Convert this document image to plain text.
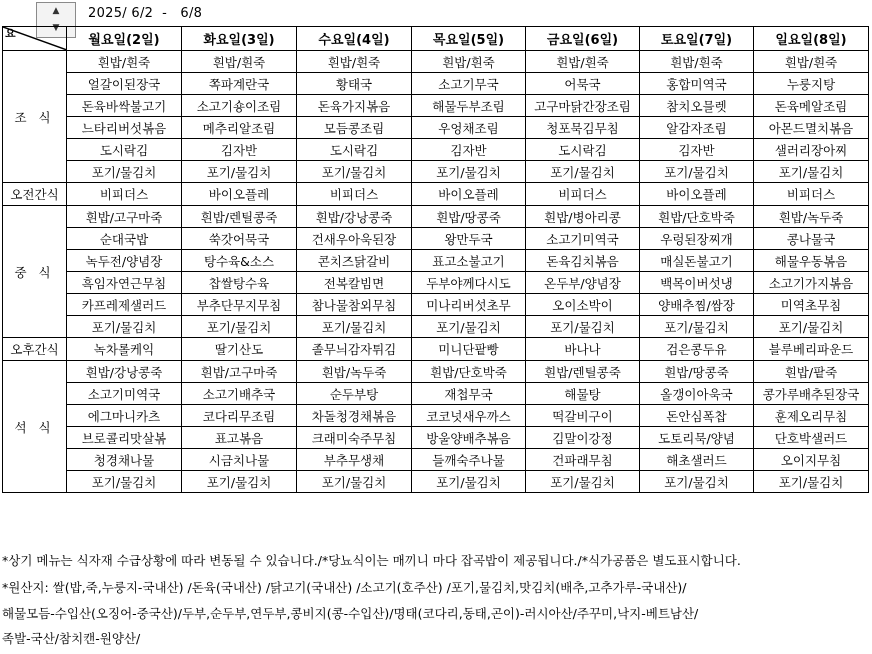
▲
▼
2025/ 6/2  -   6/8
요	월요일(2일)	화요일(3일)	수요일(4일)	목요일(5일)	금요일(6일)	토요일(7일)	일요일(8일)
조 식	흰밥/흰죽	흰밥/흰죽	흰밥/흰죽	흰밥/흰죽	흰밥/흰죽	흰밥/흰죽	흰밥/흰죽
	얼갈이된장국	쪽파계란국	황태국	소고기무국	어묵국	홍합미역국	누룽지탕
	돈육바싹불고기	소고기숑이조림	돈육가지볶음	해물두부조림	고구마닭간장조림	참치오믈렛	돈육메알조림
	느타리버섯볶음	메추리알조림	모듬콩조림	우엉채조림	청포묵김무침	알감자조림	아몬드멸치볶음
	도시락김	김자반	도시락김	김자반	도시락김	김자반	샐러리장아찌
	포기/물김치	포기/물김치	포기/물김치	포기/물김치	포기/물김치	포기/물김치	포기/물김치
오전간식	비피더스	바이오플레	비피더스	바이오플레	비피더스	바이오플레	비피더스
중 식	흰밥/고구마죽	흰밥/렌틸콩죽	흰밥/강낭콩죽	흰밥/땅콩죽	흰밥/병아리콩	흰밥/단호박죽	흰밥/녹두죽
	순대국밥	쑥갓어묵국	건새우아욱된장	왕만두국	소고기미역국	우렁된장찌개	콩나물국
	녹두전/양념장	탕수육&소스	콘치즈닭갈비	표고소불고기	돈육김치볶음	매실돈불고기	해물우동볶음
	흑임자연근무침	찹쌀탕수육	전복칼빔면	두부야께다시도	온두부/양념장	백목이버섯냉	소고기가지볶음
	카프레제샐러드	부추단무지무침	참나물참외무침	미나리버섯초무	오이소박이	양배추찜/쌈장	미역초무침
	포기/물김치	포기/물김치	포기/물김치	포기/물김치	포기/물김치	포기/물김치	포기/물김치
오후간식	녹차롤케익	딸기산도	졸무늬감자튀김	미니단팥빵	바나나	검은콩두유	블루베리파운드
석 식	흰밥/강낭콩죽	흰밥/고구마죽	흰밥/녹두죽	흰밥/단호박죽	흰밥/렌틸콩죽	흰밥/땅콩죽	흰밥/팥죽
	소고기미역국	소고기배추국	순두부탕	재첩무국	해물탕	올갱이아욱국	콩가루배추된장국
	에그마니카츠	코다리무조림	차돌청경채볶음	코코넛새우까스	떡갈비구이	돈안심폭찹	훈제오리무침
	브로콜리맛살볶	표고볶음	크래미숙주무침	방울양배추볶음	김말이강정	도토리묵/양념	단호박샐러드
	청경채나물	시금치나물	부추무생채	들깨숙주나물	건파래무침	해초샐러드	오이지무침
	포기/물김치	포기/물김치	포기/물김치	포기/물김치	포기/물김치	포기/물김치	포기/물김치
*상기 메뉴는 식자재 수급상황에 따라 변동될 수 있습니다./*당뇨식이는 매끼니 마다 잡곡밥이 제공됩니다./*식가공품은 별도표시합니다.
*원산지: 쌀(밥,죽,누룽지-국내산) /돈육(국내산) /닭고기(국내산) /소고기(호주산) /포기,물김치,맛김치(배추,고추가루-국내산)/
해물모듬-수입산(오징어-중국산)/두부,순두부,연두부,콩비지(콩-수입산)/명태(코다리,동태,곤이)-러시아산/주꾸미,낙지-베트남산/
족발-국산/참치캔-원양산/
